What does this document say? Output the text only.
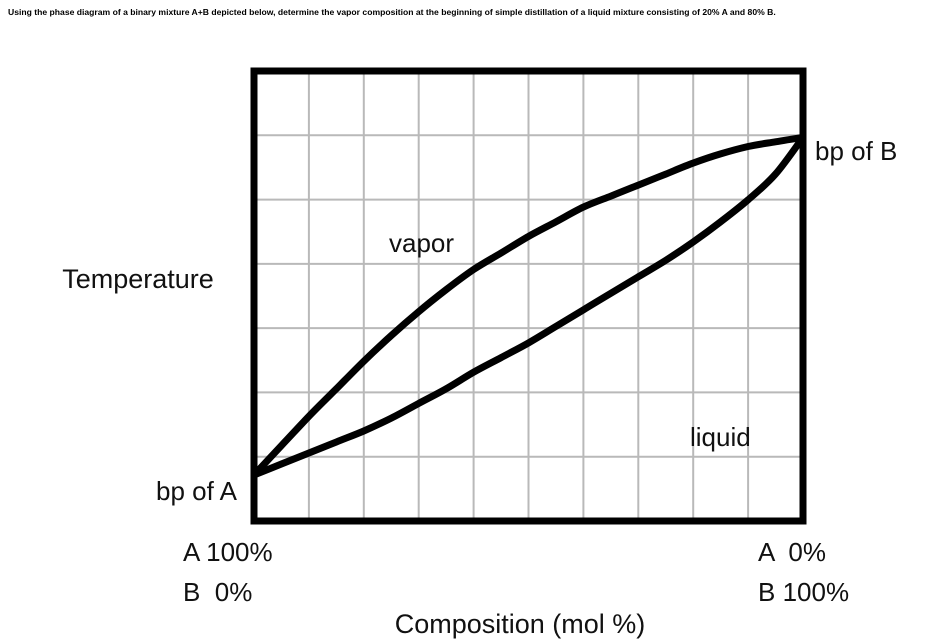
Using the phase diagram of a binary mixture A+B depicted below, determine the vapor composition at the beginning of simple distillation of a liquid mixture consisting of 20% A and 80% B.
Temperature
bp of A
bp of B
vapor
liquid
A 100%
B  0%
A  0%
B 100%
Composition (mol %)
